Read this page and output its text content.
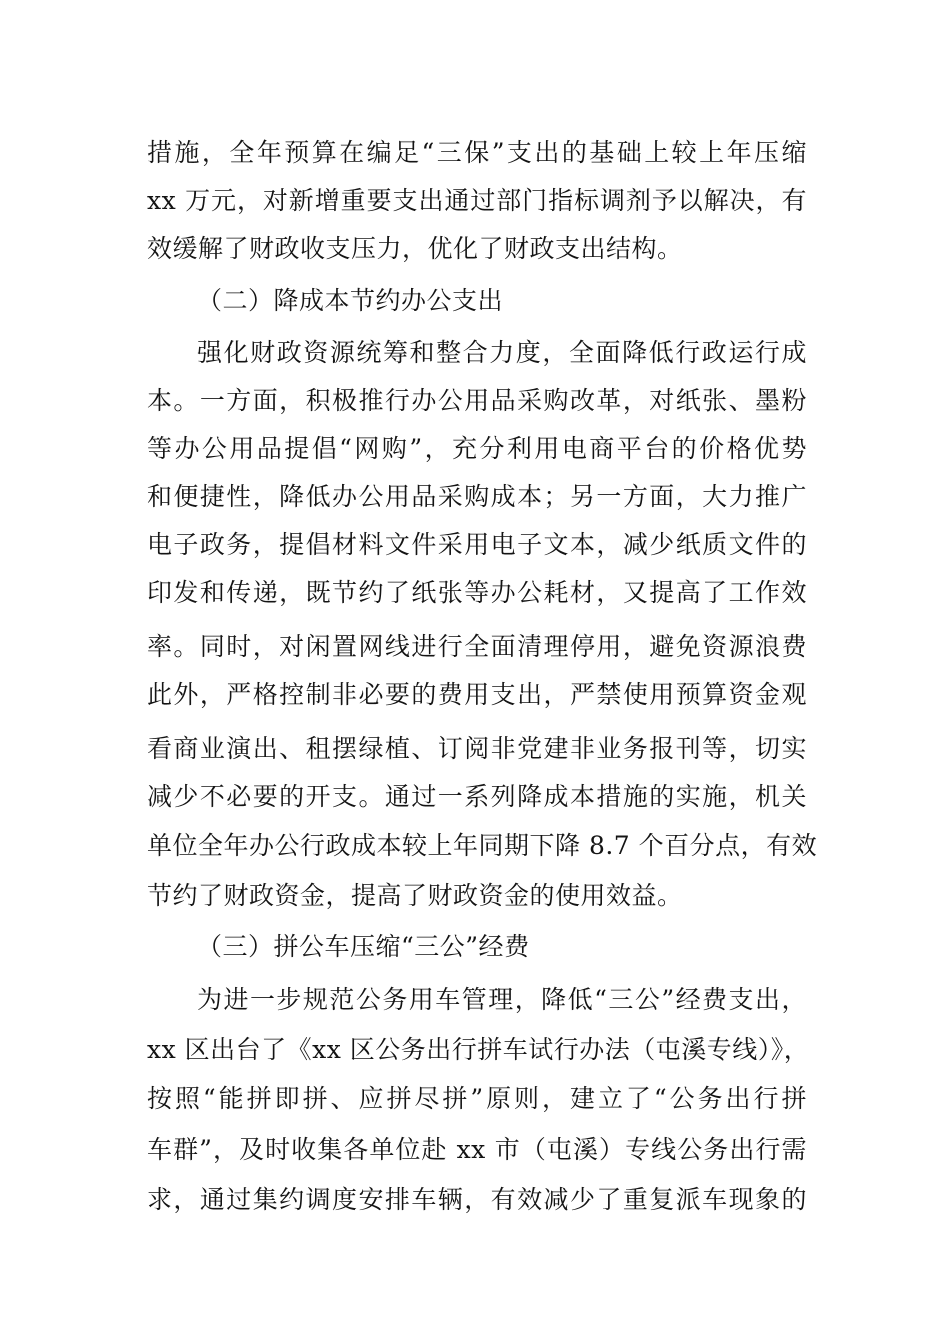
措施，全年预算在编足“三保”支出的基础上较上年压缩
xx 万元，对新增重要支出通过部门指标调剂予以解决，有
效缓解了财政收支压力，优化了财政支出结构。
（二）降成本节约办公支出
强化财政资源统筹和整合力度，全面降低行政运行成
本。一方面，积极推行办公用品采购改革，对纸张、墨粉
等办公用品提倡“网购”，充分利用电商平台的价格优势
和便捷性，降低办公用品采购成本；另一方面，大力推广
电子政务，提倡材料文件采用电子文本，减少纸质文件的
印发和传递，既节约了纸张等办公耗材，又提高了工作效
率。同时，对闲置网线进行全面清理停用，避免资源浪费
此外，严格控制非必要的费用支出，严禁使用预算资金观
看商业演出、租摆绿植、订阅非党建非业务报刊等，切实
减少不必要的开支。通过一系列降成本措施的实施，机关
单位全年办公行政成本较上年同期下降 8.7 个百分点，有效
节约了财政资金，提高了财政资金的使用效益。
（三）拼公车压缩“三公”经费
为进一步规范公务用车管理，降低“三公”经费支出，
xx 区出台了《xx 区公务出行拼车试行办法（屯溪专线）》，
按照“能拼即拼、应拼尽拼”原则，建立了“公务出行拼
车群”，及时收集各单位赴 xx 市（屯溪）专线公务出行需
求，通过集约调度安排车辆，有效减少了重复派车现象的
